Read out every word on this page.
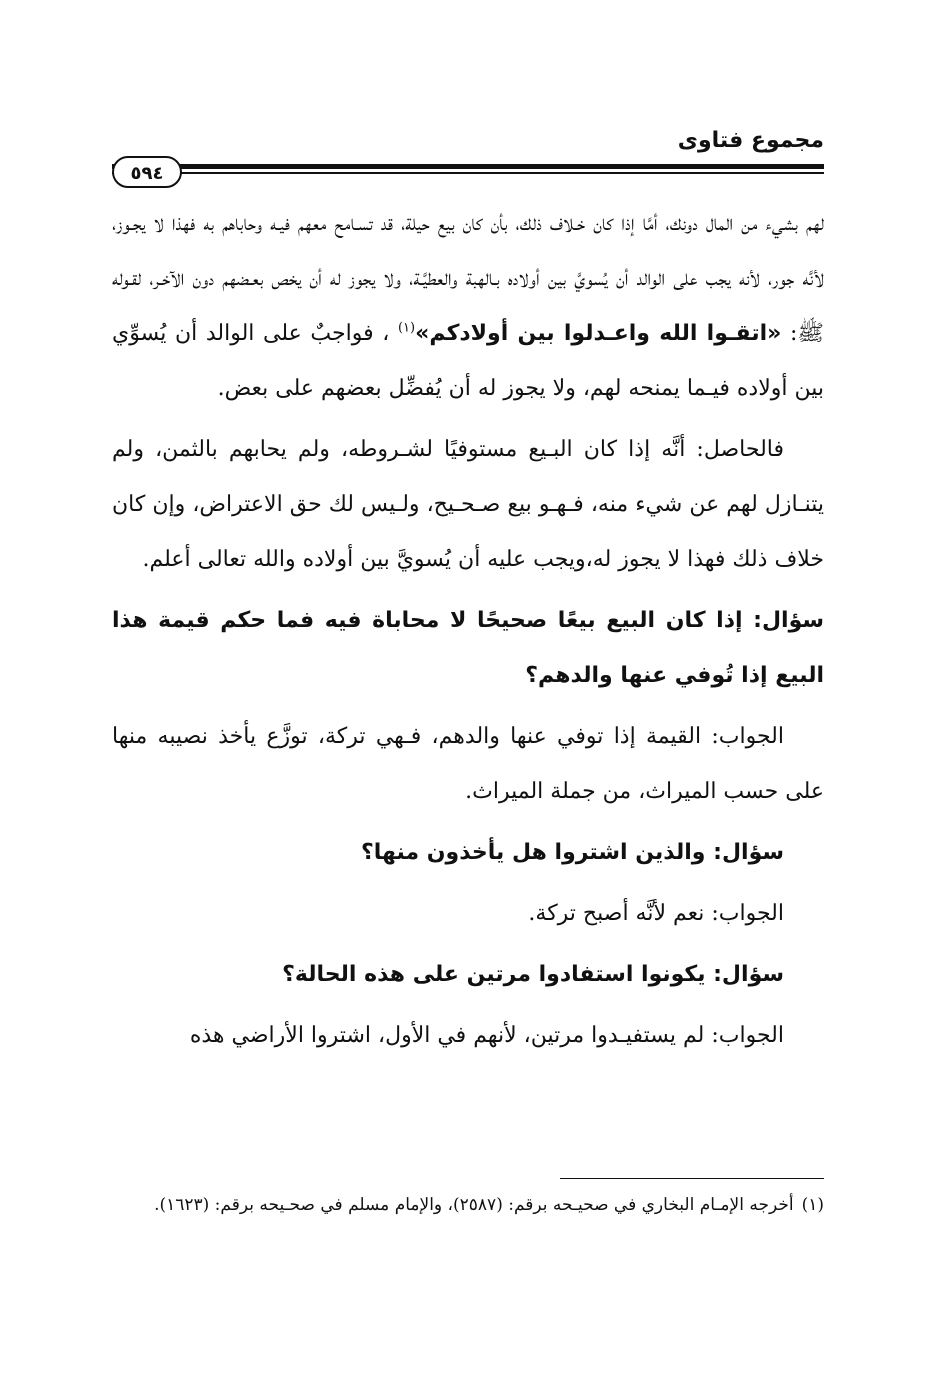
مجموع فتاوى
٥٩٤

لهم بشيء من المال دونك، أمَّا إذا كان خـلاف ذلك، بأن كان بيع حيلة، قد تسـامح معهم فيـه وحاباهم به فهذا لا يجـوز، لأنَّه جور، لأنه يجب على الوالد أن يُسويَّ بين أولاده بـالهبة والعطيَّـة، ولا يجوز له أن يخص بعـضهم دون الآخـر، لقـوله ﷺ: «اتقـوا الله واعـدلوا بين أولادكم»$^{(١)}$ ، فواجبٌ على الوالد أن يُسوِّي بين أولاده فيـما يمنحه لهم، ولا يجوز له أن يُفضِّل بعضهم على بعض.

فالحاصل: أنَّه إذا كان البـيع مستوفيًا لشـروطه، ولم يحابهم بالثمن، ولم يتنـازل لهم عن شيء منه، فـهـو بيع صـحـيح، ولـيس لك حق الاعتراض، وإن كان خلاف ذلك فهذا لا يجوز له،ويجب عليه أن يُسويَّ بين أولاده والله تعالى أعلم.

سؤال: إذا كان البيع بيعًا صحيحًا لا محاباة فيه فما حكم قيمة هذا البيع إذا تُوفي عنها والدهم؟

الجواب: القيمة إذا توفي عنها والدهم، فـهي تركة، توزَّع يأخذ نصيبه منها على حسب الميراث، من جملة الميراث.

سؤال: والذين اشتروا هل يأخذون منها؟

الجواب: نعم لأنَّه أصبح تركة.

سؤال: يكونوا استفادوا مرتين على هذه الحالة؟

الجواب: لم يستفيـدوا مرتين، لأنهم في الأول، اشتروا الأراضي هذه

(١)أخرجه الإمـام البخاري في صحيـحه برقم: (٢٥٨٧)، والإمام مسلم في صحـيحه برقم: (١٦٢٣).
